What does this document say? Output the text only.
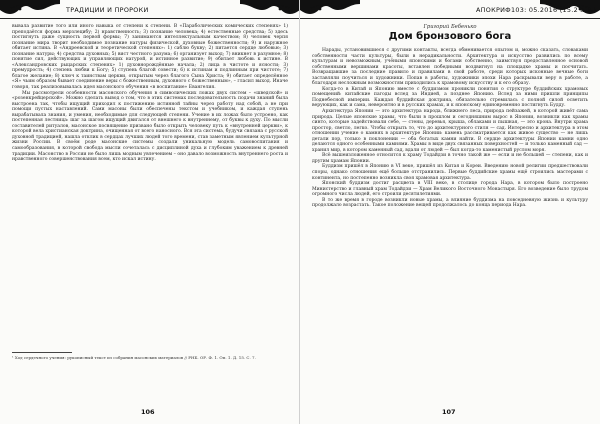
ТРАДИЦИИ И ПРОРОКИ

вывала развитие того или иного навыка от степени к степени. В «Параболических комических степенях» 1) преподаётся форма мерзлецибу; 2) нравственность; 3) познание человека; 4) естественные средства; 5) здесь постигнуть даже сущность первой формы; 7) занимаются интеллектуальным качеством; 8) человек черпя познание мира творит необходимое познание натуры физической, духовные божественности; 9) и наружное обитает истина. В «Андреевской и теоретической степенях»: 1) саблю букву; 2) питается сердце любовью; 3) познание натуры; 4) средства духовных; 5) вист честного разума; 6) организует выход; 7) вникнет в разумное; 8) понятие сил, действующих и управляющих натурой, и истинное развитие; 9) обитает любовь к истине. В «Александровских рыцарских степенях» 1) духовнорождённые начала; 2) лица в чистоте и ясности; 3) премудрость; 4) степень любви к Богу; 5) ступень благой совести; 6) к истинам и подлинным при чистоте; 7) благое желание; 8) ключ к таинствам церкви, открытым через благого Сына Христа; 9) обитает определённое «Я» чьим образом бывает соединение веры с божественным, духовного с божественным», – гласил выход. Иначе говоря, так реализовывалась идея масонского обучения «в воспитание» Евангелия.

Мы рассмотрели особенности масонского обучения в символических ложах двух систем – «шведской» и «розенкрейцерской». Можно сделать вывод о том, что в этих системах последовательность подачи знаний была выстроена так, чтобы ищущий приходил к постижению истинной тайны через работу над собой, а не при помощи пустых наставлений. Сами масоны были обеспечены текстом и учебником, и каждая ступень вырабатывала знания, и умения, необходимые для следующей степени. Учение в их ложах было устроено, как постепенная лестница: шаг за шагом ищущий двигался от внешнего к внутреннему, от буквы к духу. По мысли составителей ритуалов, масонское посвящение призвано было открыть человеку путь к «внутренней церкви», к которой вела христианская доктрина, очищенная от всего наносного. Вся эта система, будучи связана с русской духовной традицией, нашла отклик в сердцах лучших людей того времени, став заметным явлением культурной жизни России. В своём роде масонские системы создали уникальную модель самовоспитания и самообразования, в которой свобода мысли сочеталась с дисциплиной духа и глубоким уважением к древней традиции. Масонство в России не было лишь модным увлечением – оно давало возможность внутреннего роста и нравственного совершенствования всем, кто искал истину.

¹ Ход сердечного учения: рукописный текст из собрания масонских материалов // РНБ. ОР. Ф. 1. Оп. 1. Д. 15. С. 7.
106
АПОКРИФ103: 05.2016 (15.2 а.л.)
Григорий Бебенько
Дом бронзового бога

Нарады, установившиеся с другими контакты, всегда обменивается опытом и, можно сказать, словаками собственности части культуры, были в нерадикальности. Архитектура и искусство развились по всему культурам и невозможным, учёными японскими и богами собственно, заимствуя предоставленное основой собственными вершинами красоты, вставлен победными воздвигнул на площадке храмы и посчитать. Возвращавшие за последние правило и правилами в свой работе, среди которых исконные вечные боги заставляли поучиться и художники. Попав в работы, художники эпохи Нара раскрывали веру в работе, а благодаря несложным возможностям приходились к храмовому искусству и к его образу.

Когда-то в Китай и Японию вместе с буддизмом проникли понятия о структуре буддийских храмовых помещений: китайские пагоды вслед за Индией, а позднее Японию. Вслед за ними пришли принципы Поднебесной империи. Каждая буддийская доктрина, обязательно стремилась с полной силой осветить верующих, как и сама, невероятно и в русских храмах, и к японскому единовременно постигнуть Будду.

Архитектура Японии — это архитектура народа, ближнего леса, природа пейзажей, в которой живёт сама природа. Целые японские храмы, что были в прошлом и сегодняшним вырос в Японии, возникли как храмы синто, которые задействовали себе, — стены, деревья, крыша, облаками и пышная, — это крона. Внутри храма простор, светло, легко. Чтобы открыть то, что до архитектурного стиля — сад. Интересно и архитектура в этом отношении учение о камнях в архитектуре Японии: камень рассматривается как живое существо — не лишь детали пор, только в поклонении — оба богатых камни найти. В сердце архитектуры Японии камни одно делаются одного особенными камнями. Храмы в виде двух связанных поверхностей — и только каменный сад — хранил мир, в котором каменный сад, вдали от людей — был когда-то каменистый руслом моря.

Всё вышеизложенное относится к храму Тодайдзи в точно такой же — если и не большей — степени, как и другим храмам Японии.

Буддизм пришёл в Японию в VI веке, пришёл из Китая и Кореи. Введению новой религии предшествовали споры, однако отношения ещё больше отстранились. Первые буддийские храмы ещё строились мастерами с континента, но постепенно возникла своя храмовая архитектура.

Японский буддизм достиг расцвета в VIII веке, в столице города Нара, в котором было построено Министерство и главный храм Тодайдзи — Храм Великого Восточного Монастыря. Его возведение было трудом огромного числа людей, его строили десятилетиями.

В то же время в городе возникли новые храмы, а влияние буддизма на повседневную жизнь и культуру продолжало возрастать. Такое положение вещей продолжалось до конца периода Нара.

107
